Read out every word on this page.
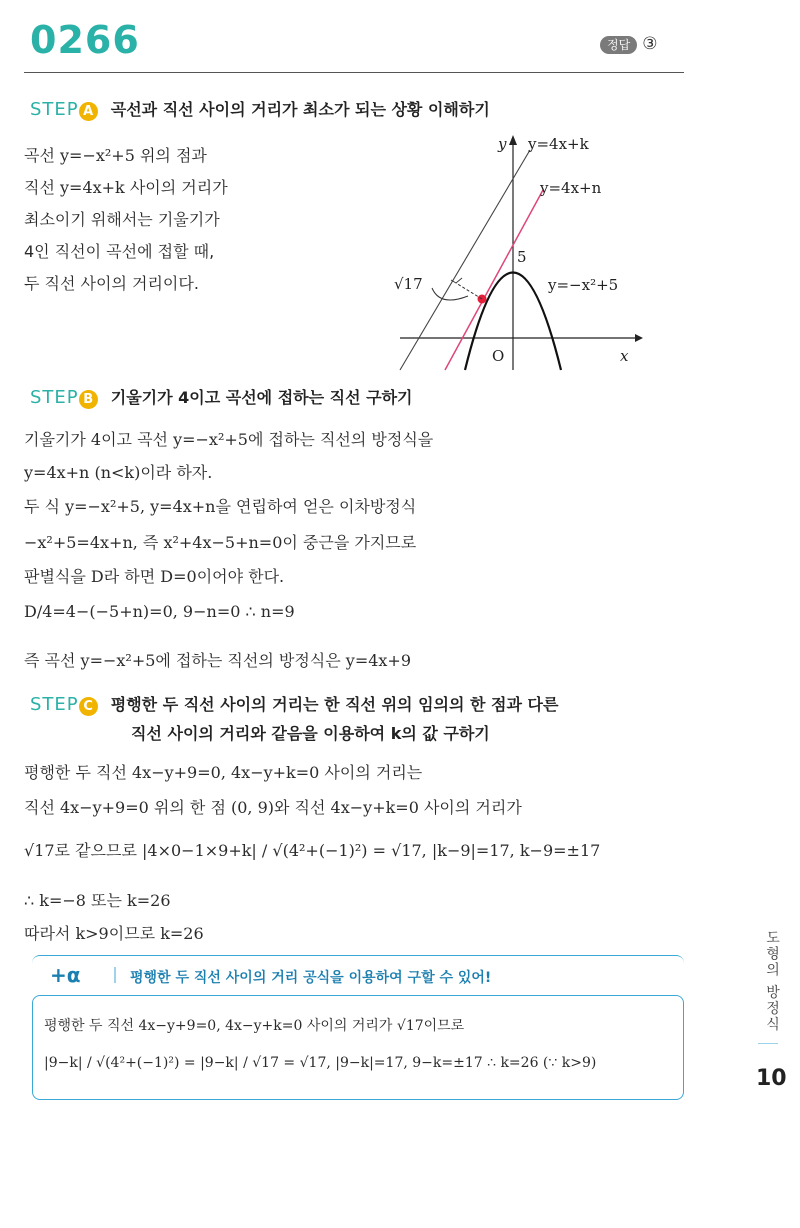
0266	정답 ③
STEP A 곡선과 직선 사이의 거리가 최소가 되는 상황 이해하기
곡선 y=−x²+5 위의 점과
직선 y=4x+k 사이의 거리가
최소이기 위해서는 기울기가
4인 직선이 곡선에 접할 때,
두 직선 사이의 거리이다.
y y=4x+k
y=4x+n
5
y=−x²+5
√17
O	x
STEP B 기울기가 4이고 곡선에 접하는 직선 구하기
기울기가 4이고 곡선 y=−x²+5에 접하는 직선의 방정식을
y=4x+n (n<k)이라 하자.
두 식 y=−x²+5, y=4x+n을 연립하여 얻은 이차방정식
−x²+5=4x+n, 즉 x²+4x−5+n=0이 중근을 가지므로
판별식을 D라 하면 D=0이어야 한다.
D/4=4−(−5+n)=0, 9−n=0 ∴ n=9
즉 곡선 y=−x²+5에 접하는 직선의 방정식은 y=4x+9
STEP C 평행한 두 직선 사이의 거리는 한 직선 위의 임의의 한 점과 다른
직선 사이의 거리와 같음을 이용하여 k의 값 구하기
평행한 두 직선 4x−y+9=0, 4x−y+k=0 사이의 거리는
직선 4x−y+9=0 위의 한 점 (0, 9)와 직선 4x−y+k=0 사이의 거리가
√17로 같으므로 |4×0−1×9+k| / √(4²+(−1)²) = √17, |k−9|=17, k−9=±17
∴ k=−8 또는 k=26
따라서 k>9이므로 k=26
+α	평행한 두 직선 사이의 거리 공식을 이용하여 구할 수 있어!
평행한 두 직선 4x−y+9=0, 4x−y+k=0 사이의 거리가 √17이므로
|9−k| / √(4²+(−1)²) = |9−k| / √17 = √17, |9−k|=17, 9−k=±17 ∴ k=26 (∵ k>9)
도형의 방정식
10
